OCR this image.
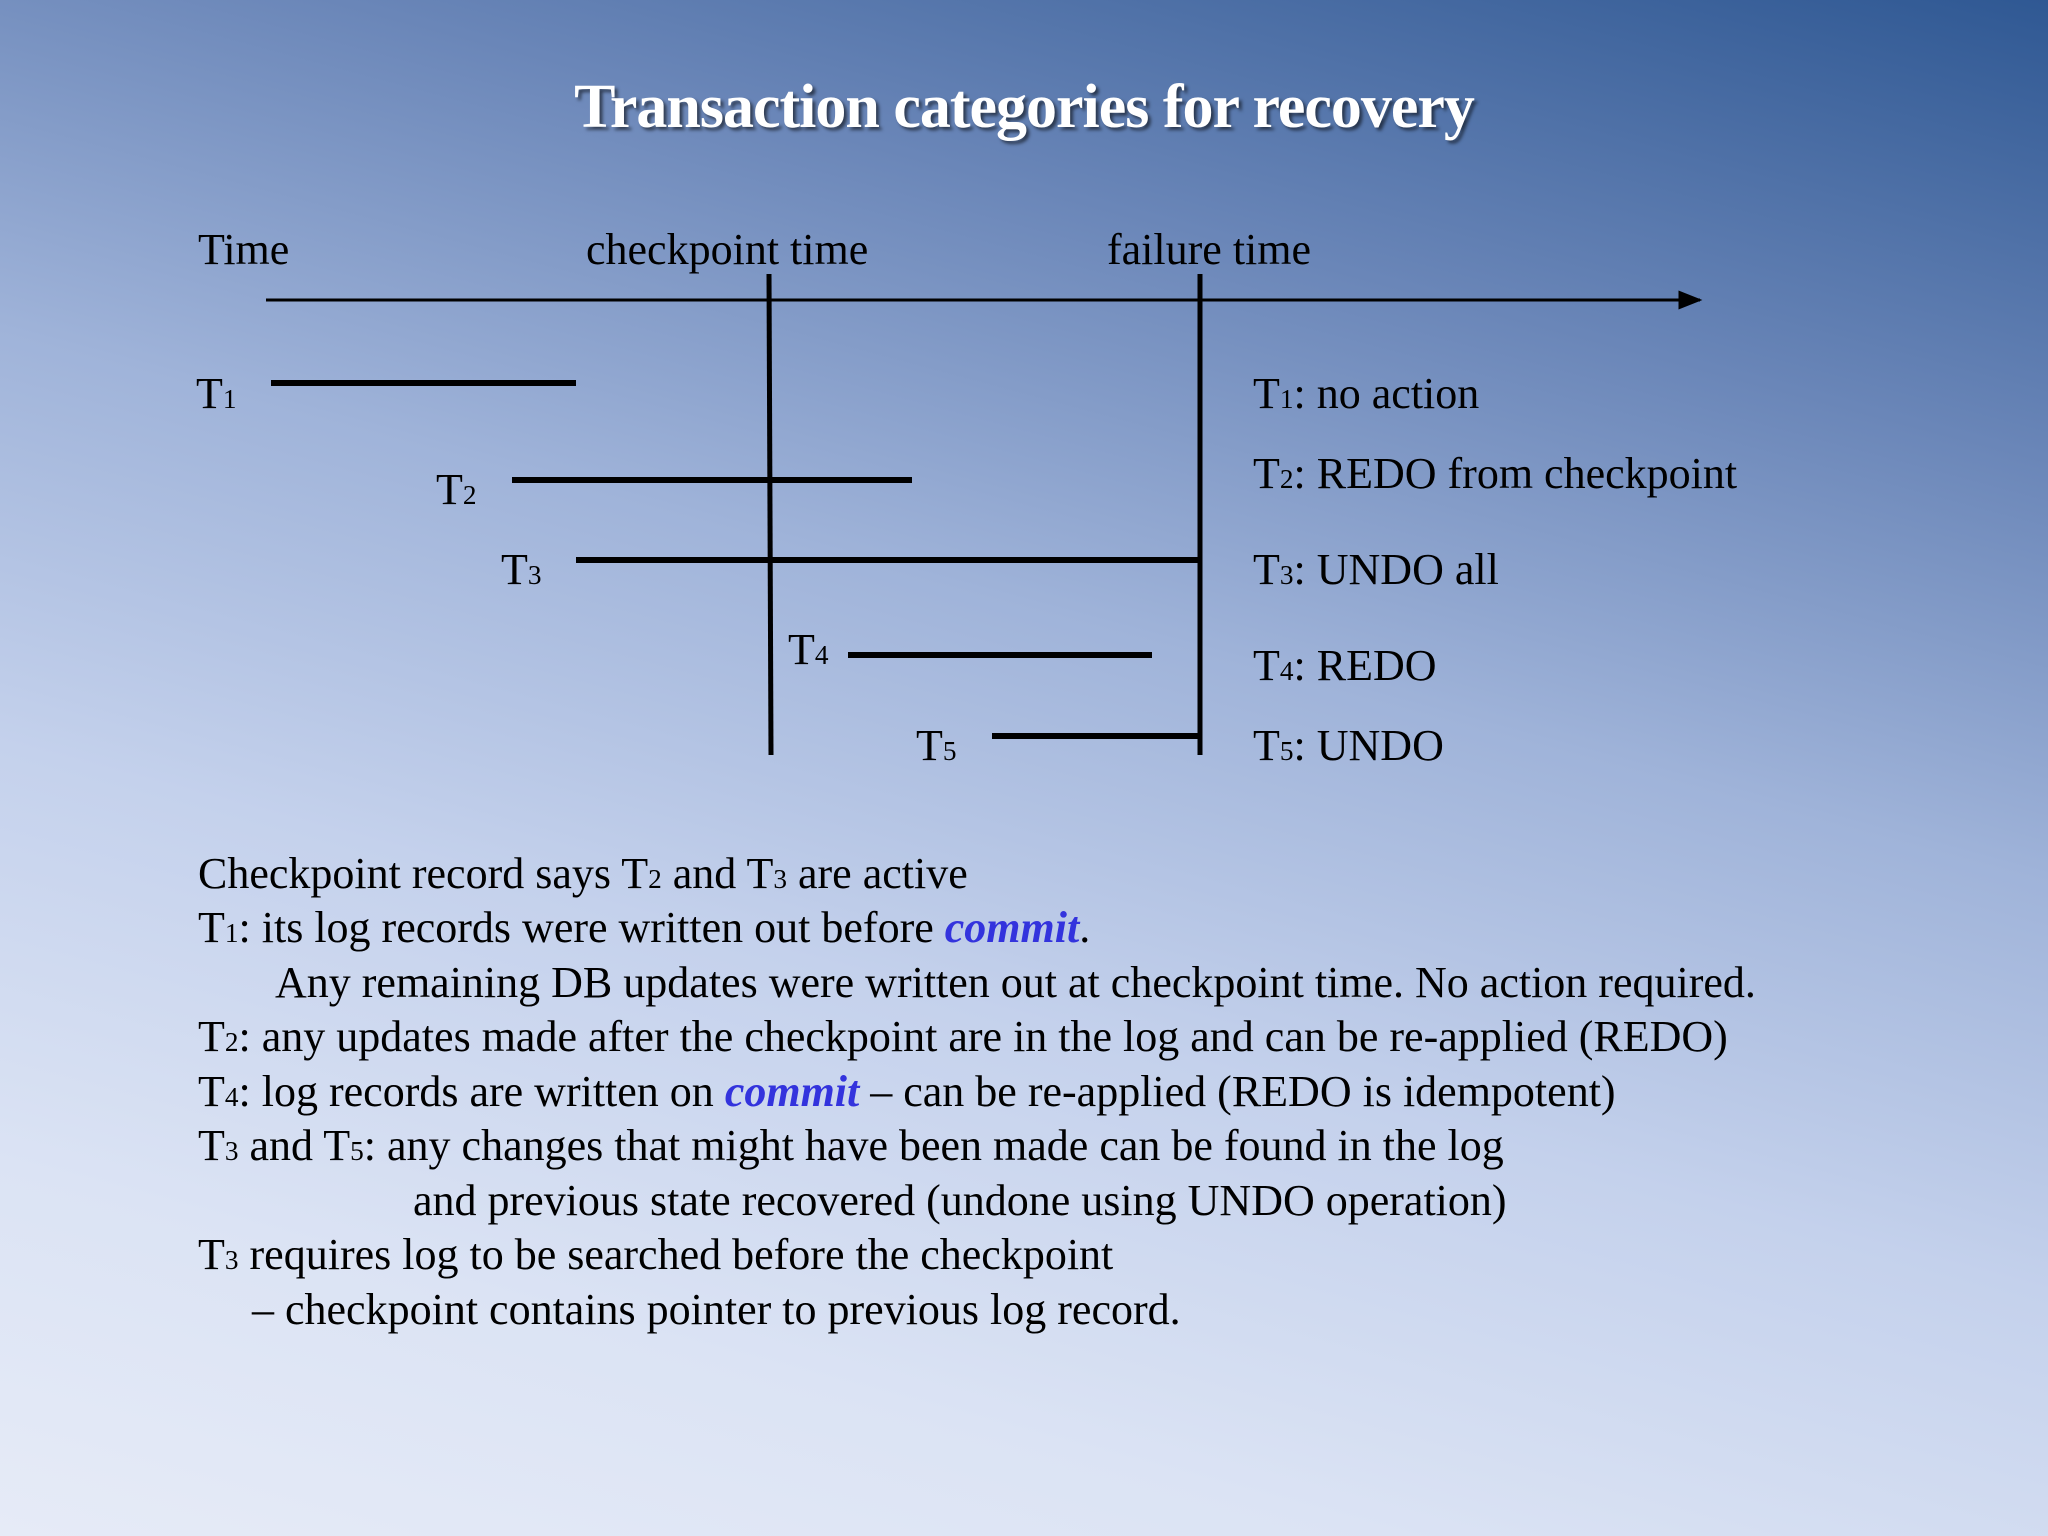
Transaction categories for recovery
Time	checkpoint time	failure time
T1
T2
T3
T4
T5
T1: no action
T2: REDO from checkpoint
T3: UNDO all
T4: REDO
T5: UNDO
Checkpoint record says T2 and T3 are active
T1: its log records were written out before commit.
Any remaining DB updates were written out at checkpoint time. No action required.
T2: any updates made after the checkpoint are in the log and can be re-applied (REDO)
T4: log records are written on commit – can be re-applied (REDO is idempotent)
T3 and T5: any changes that might have been made can be found in the log
and previous state recovered (undone using UNDO operation)
T3 requires log to be searched before the checkpoint
– checkpoint contains pointer to previous log record.
